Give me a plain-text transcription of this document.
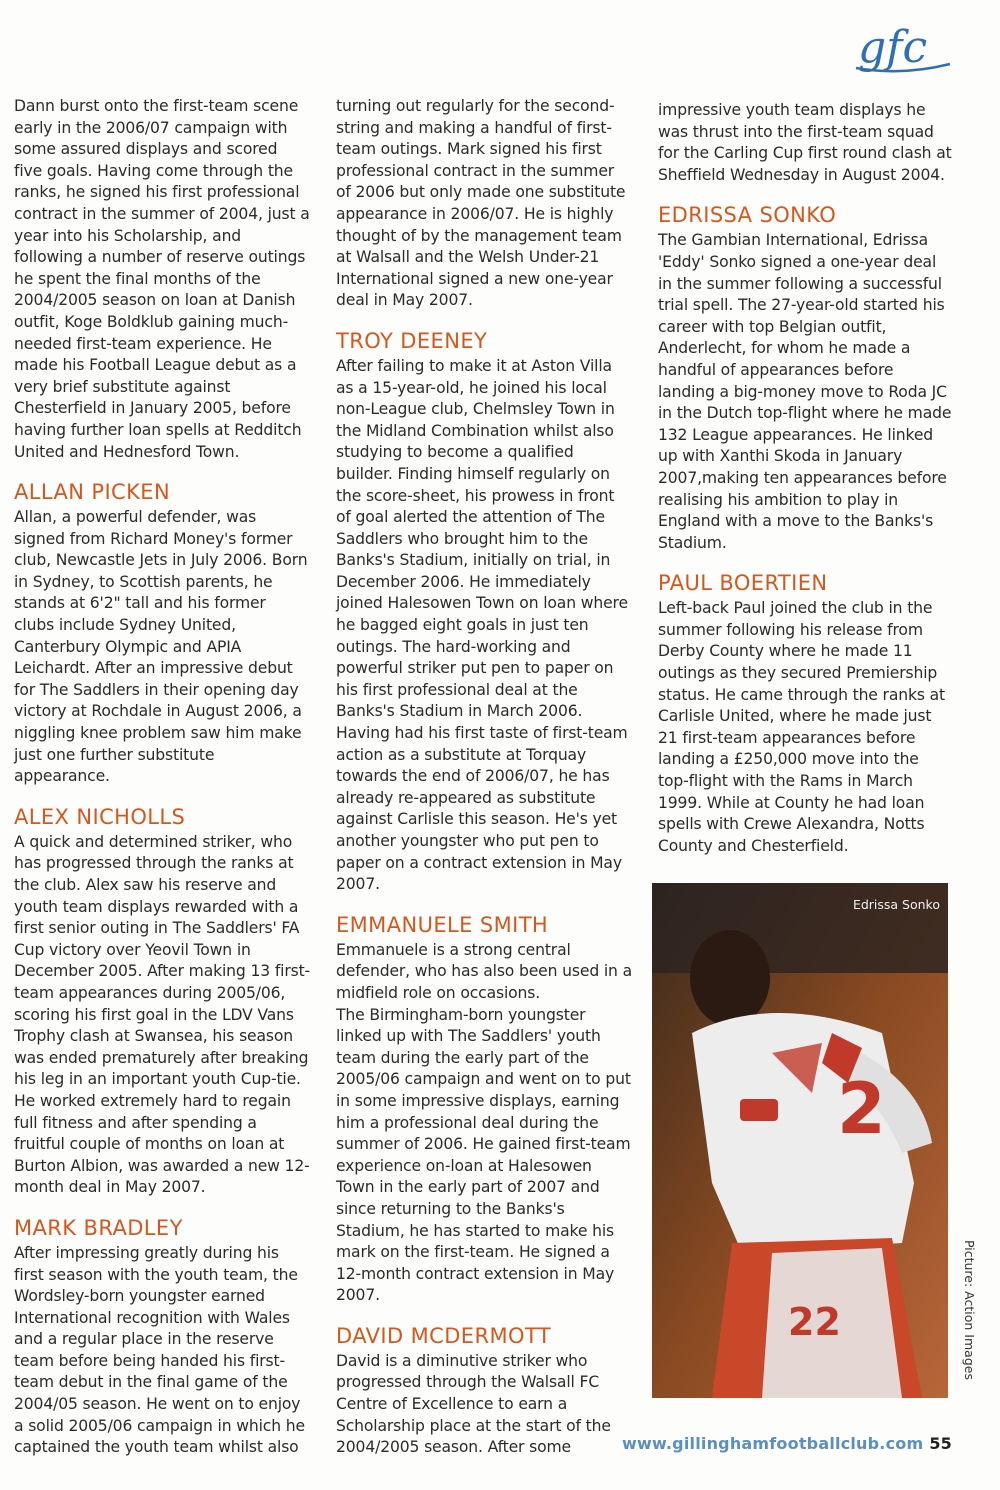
gfc

Dann burst onto the first-team scene early in the 2006/07 campaign with some assured displays and scored five goals. Having come through the ranks, he signed his first professional contract in the summer of 2004, just a year into his Scholarship, and following a number of reserve outings he spent the final months of the 2004/2005 season on loan at Danish outfit, Koge Boldklub gaining much-needed first-team experience. He made his Football League debut as a very brief substitute against Chesterfield in January 2005, before having further loan spells at Redditch United and Hednesford Town.

ALLAN PICKEN

Allan, a powerful defender, was signed from Richard Money's former club, Newcastle Jets in July 2006. Born in Sydney, to Scottish parents, he stands at 6'2" tall and his former clubs include Sydney United, Canterbury Olympic and APIA Leichardt. After an impressive debut for The Saddlers in their opening day victory at Rochdale in August 2006, a niggling knee problem saw him make just one further substitute appearance.

ALEX NICHOLLS

A quick and determined striker, who has progressed through the ranks at the club. Alex saw his reserve and youth team displays rewarded with a first senior outing in The Saddlers' FA Cup victory over Yeovil Town in December 2005. After making 13 first-team appearances during 2005/06, scoring his first goal in the LDV Vans Trophy clash at Swansea, his season was ended prematurely after breaking his leg in an important youth Cup-tie. He worked extremely hard to regain full fitness and after spending a fruitful couple of months on loan at Burton Albion, was awarded a new 12-month deal in May 2007.

MARK BRADLEY

After impressing greatly during his first season with the youth team, the Wordsley-born youngster earned International recognition with Wales and a regular place in the reserve team before being handed his first-team debut in the final game of the 2004/05 season. He went on to enjoy a solid 2005/06 campaign in which he captained the youth team whilst also

turning out regularly for the second-string and making a handful of first-team outings. Mark signed his first professional contract in the summer of 2006 but only made one substitute appearance in 2006/07. He is highly thought of by the management team at Walsall and the Welsh Under-21 International signed a new one-year deal in May 2007.

TROY DEENEY

After failing to make it at Aston Villa as a 15-year-old, he joined his local non-League club, Chelmsley Town in the Midland Combination whilst also studying to become a qualified builder. Finding himself regularly on the score-sheet, his prowess in front of goal alerted the attention of The Saddlers who brought him to the Banks's Stadium, initially on trial, in December 2006. He immediately joined Halesowen Town on loan where he bagged eight goals in just ten outings. The hard-working and powerful striker put pen to paper on his first professional deal at the Banks's Stadium in March 2006. Having had his first taste of first-team action as a substitute at Torquay towards the end of 2006/07, he has already re-appeared as substitute against Carlisle this season. He's yet another youngster who put pen to paper on a contract extension in May 2007.

EMMANUELE SMITH

Emmanuele is a strong central defender, who has also been used in a midfield role on occasions.

The Birmingham-born youngster linked up with The Saddlers' youth team during the early part of the 2005/06 campaign and went on to put in some impressive displays, earning him a professional deal during the summer of 2006. He gained first-team experience on-loan at Halesowen Town in the early part of 2007 and since returning to the Banks's Stadium, he has started to make his mark on the first-team. He signed a 12-month contract extension in May 2007.

DAVID MCDERMOTT

David is a diminutive striker who progressed through the Walsall FC Centre of Excellence to earn a Scholarship place at the start of the 2004/2005 season. After some

impressive youth team displays he was thrust into the first-team squad for the Carling Cup first round clash at Sheffield Wednesday in August 2004.

EDRISSA SONKO

The Gambian International, Edrissa 'Eddy' Sonko signed a one-year deal in the summer following a successful trial spell. The 27-year-old started his career with top Belgian outfit, Anderlecht, for whom he made a handful of appearances before landing a big-money move to Roda JC in the Dutch top-flight where he made 132 League appearances. He linked up with Xanthi Skoda in January 2007,making ten appearances before realising his ambition to play in England with a move to the Banks's Stadium.

PAUL BOERTIEN

Left-back Paul joined the club in the summer following his release from Derby County where he made 11 outings as they secured Premiership status. He came through the ranks at Carlisle United, where he made just 21 first-team appearances before landing a £250,000 move into the top-flight with the Rams in March 1999. While at County he had loan spells with Crewe Alexandra, Notts County and Chesterfield.

2
22
Edrissa Sonko
Picture: Action Images
www.gillinghamfootballclub.com 55
